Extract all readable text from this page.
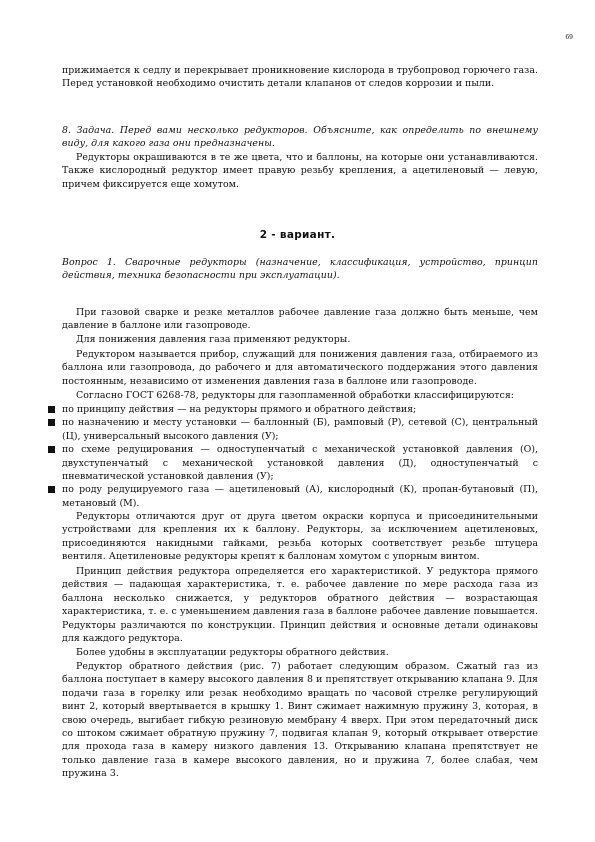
69

прижимается к седлу и перекрывает проникновение кислорода в трубопровод горючего газа. Перед установкой необходимо очистить детали клапанов от следов коррозии и пыли.

8. Задача. Перед вами несколько редукторов. Объясните, как определить по внешнему виду, для какого газа они предназначены.

Редукторы окрашиваются в те же цвета, что и баллоны, на которые они устанавливаются. Также кислородный редуктор имеет правую резьбу крепления, а ацетиленовый — левую, причем фиксируется еще хомутом.

2 - вариант.

Вопрос 1. Сварочные редукторы (назначение, классификация, устройство, принцип действия, техника безопасности при эксплуатации).

При газовой сварке и резке металлов рабочее давление газа должно быть меньше, чем давление в баллоне или газопроводе.

Для понижения давления газа применяют редукторы.

Редуктором называется прибор, служащий для понижения давления газа, отбираемого из баллона или газопровода, до рабочего и для автоматического поддержания этого давления постоянным, независимо от изменения давления газа в баллоне или газопроводе.

Согласно ГОСТ 6268-78, редукторы для газопламенной обработки классифицируются:

по принципу действия — на редукторы прямого и обратного действия;
по назначению и месту установки — баллонный (Б), рамповый (Р), сетевой (С), центральный (Ц), универсальный высокого давления (У);
по схеме редуцирования — одноступенчатый с механической установкой давления (О), двухступенчатый с механической установкой давления (Д), одноступенчатый с пневматической установкой давления (У);
по роду редуцируемого газа — ацетиленовый (А), кислородный (К), пропан-бутановый (П), метановый (М).

Редукторы отличаются друг от друга цветом окраски корпуса и присоединительными устройствами для крепления их к баллону. Редукторы, за исключением ацетиленовых, присоединяются накидными гайками, резьба которых соответствует резьбе штуцера вентиля. Ацетиленовые редукторы крепят к баллонам хомутом с упорным винтом.

Принцип действия редуктора определяется его характеристикой. У редуктора прямого действия — падающая характеристика, т. е. рабочее давление по мере расхода газа из баллона несколько снижается, у редукторов обратного действия — возрастающая характеристика, т. е. с уменьшением давления газа в баллоне рабочее давление повышается. Редукторы различаются по конструкции. Принцип действия и основные детали одинаковы для каждого редуктора.

Более удобны в эксплуатации редукторы обратного действия.

Редуктор обратного действия (рис. 7) работает следующим образом. Сжатый газ из баллона поступает в камеру высокого давления 8 и препятствует открыванию клапана 9. Для подачи газа в горелку или резак необходимо вращать по часовой стрелке регулирующий винт 2, который ввертывается в крышку 1. Винт сжимает нажимную пружину 3, которая, в свою очередь, выгибает гибкую резиновую мембрану 4 вверх. При этом передаточный диск со штоком сжимает обратную пружину 7, подвигая клапан 9, который открывает отверстие для прохода газа в камеру низкого давления 13. Открыванию клапана препятствует не только давление газа в камере высокого давления, но и пружина 7, более слабая, чем пружина 3.
